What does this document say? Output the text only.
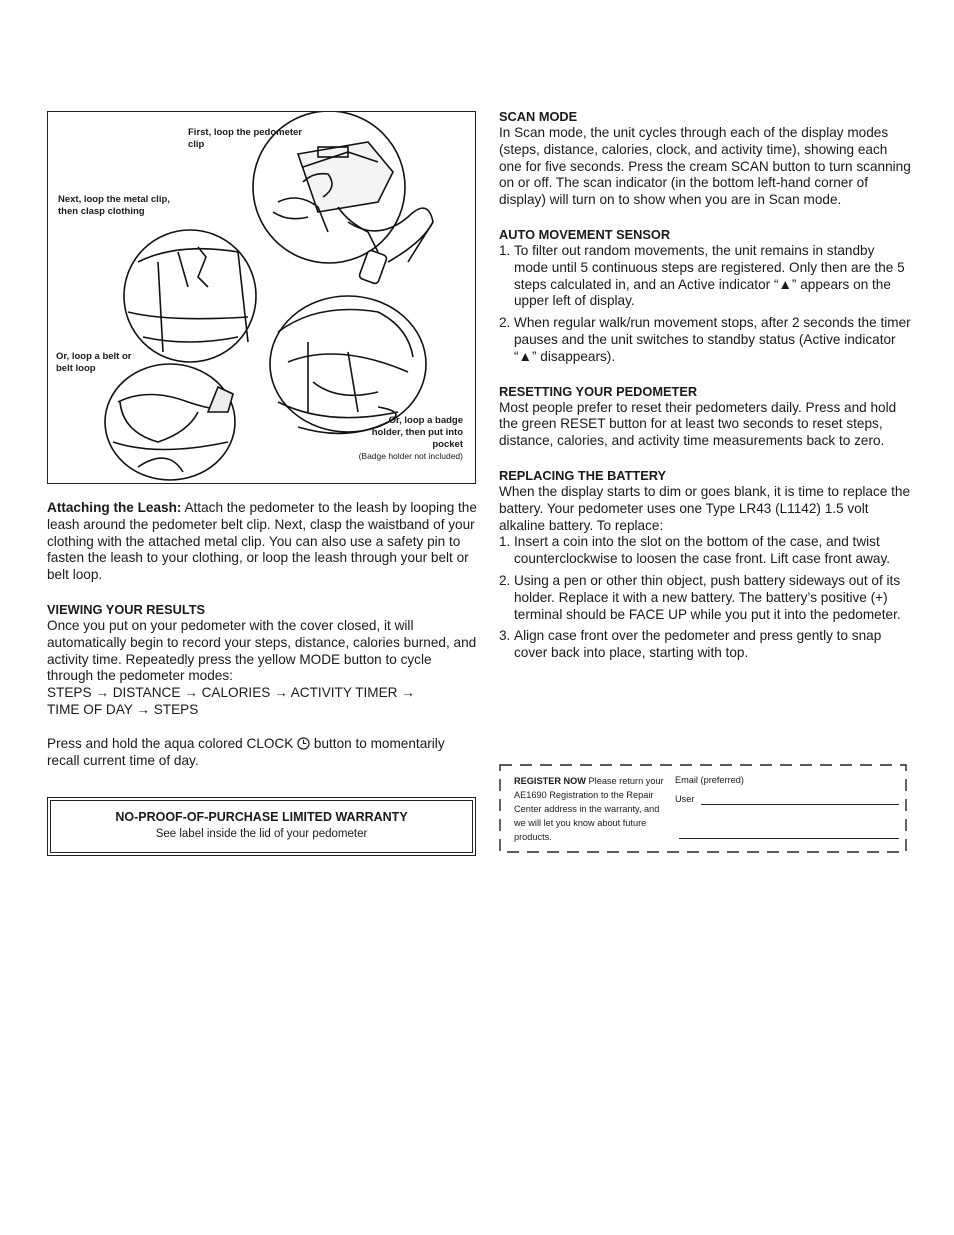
First, loop the pedometer clip
Next, loop the metal clip, then clasp clothing
Or, loop a belt or belt loop
Or, loop a badge holder, then put into pocket
(Badge holder not included)

Attaching the Leash: Attach the pedometer to the leash by looping the leash around the pedometer belt clip. Next, clasp the waistband of your clothing with the attached metal clip. You can also use a safety pin to fasten the leash to your clothing, or loop the leash through your belt or belt loop.

VIEWING YOUR RESULTS

Once you put on your pedometer with the cover closed, it will automatically begin to record your steps, distance, calories burned, and activity time. Repeatedly press the yellow MODE button to cycle through the pedometer modes:

STEPS → DISTANCE → CALORIES → ACTIVITY TIMER →

TIME OF DAY → STEPS

Press and hold the aqua colored CLOCK  button to momentarily recall current time of day.

NO-PROOF-OF-PURCHASE LIMITED WARRANTY
See label inside the lid of your pedometer
SCAN MODE

In Scan mode, the unit cycles through each of the display modes (steps, distance, calories, clock, and activity time), showing each one for five seconds. Press the cream SCAN button to turn scanning on or off. The scan indicator (in the bottom left-hand corner of display) will turn on to show when you are in Scan mode.

AUTO MOVEMENT SENSOR
1. To filter out random movements, the unit remains in standby mode until 5 continuous steps are registered. Only then are the 5 steps calculated in, and an Active indicator “▲” appears on the upper left of display.
2. When regular walk/run movement stops, after 2 seconds the timer pauses and the unit switches to standby status (Active indicator “▲” disappears).
RESETTING YOUR PEDOMETER

Most people prefer to reset their pedometers daily. Press and hold the green RESET button for at least two seconds to reset steps, distance, calories, and activity time measurements back to zero.

REPLACING THE BATTERY

When the display starts to dim or goes blank, it is time to replace the battery. Your pedometer uses one Type LR43 (L1142) 1.5 volt alkaline battery. To replace:

1. Insert a coin into the slot on the bottom of the case, and twist counterclockwise to loosen the case front. Lift case front away.
2. Using a pen or other thin object, push battery sideways out of its holder. Replace it with a new battery. The battery’s positive (+) terminal should be FACE UP while you put it into the pedometer.
3. Align case front over the pedometer and press gently to snap cover back into place, starting with top.
REGISTER NOW Please return your AE1690 Registration to the Repair Center address in the warranty, and we will let you know about future products.
Email (preferred)
User
